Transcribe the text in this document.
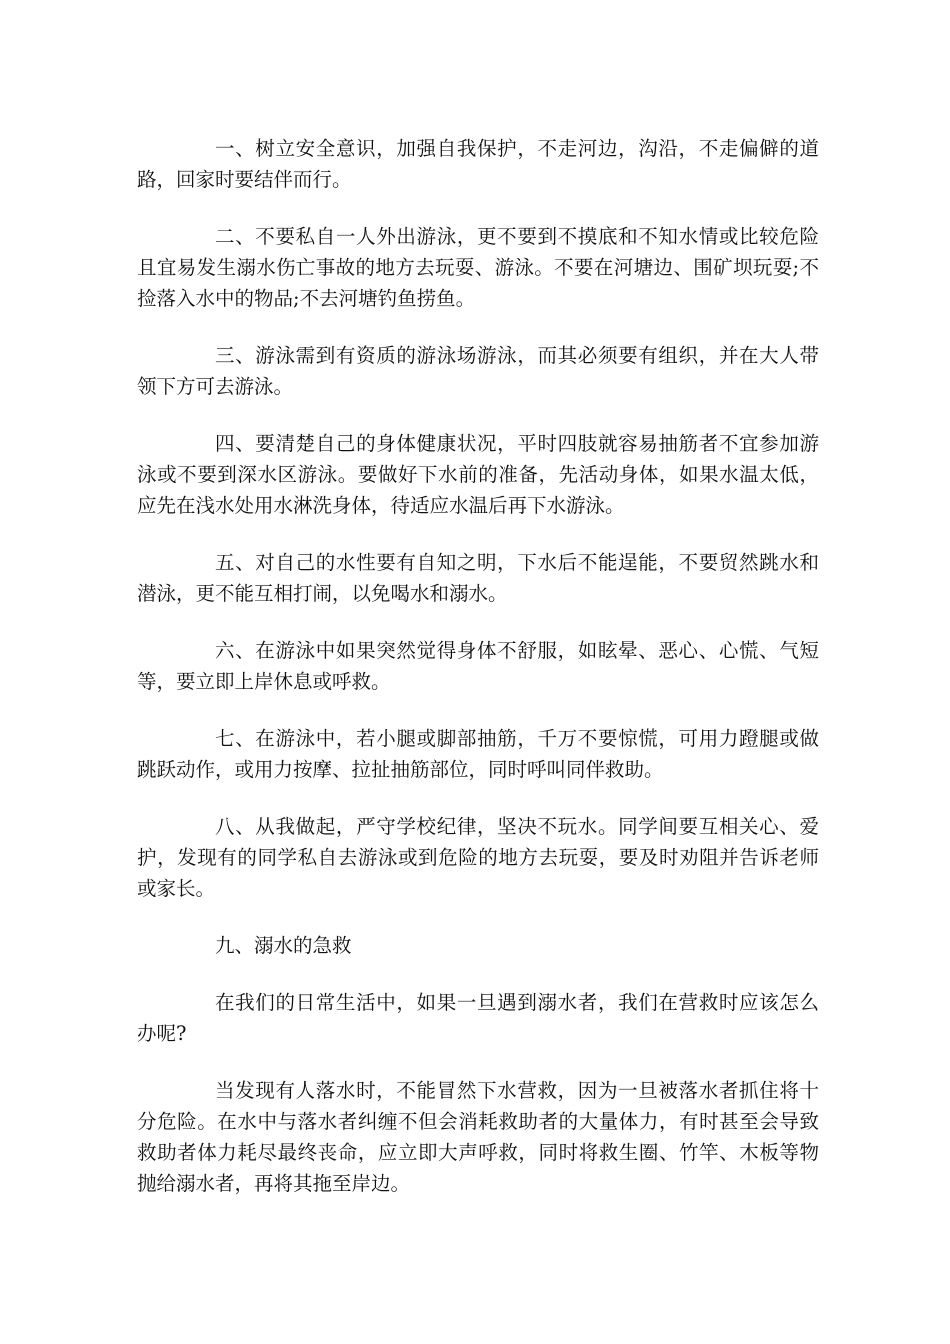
一、树立安全意识，加强自我保护，不走河边，沟沿，不走偏僻的道路，回家时要结伴而行。

二、不要私自一人外出游泳，更不要到不摸底和不知水情或比较危险且宜易发生溺水伤亡事故的地方去玩耍、游泳。不要在河塘边、围矿坝玩耍;不捡落入水中的物品;不去河塘钓鱼捞鱼。

三、游泳需到有资质的游泳场游泳，而其必须要有组织，并在大人带领下方可去游泳。

四、要清楚自己的身体健康状况，平时四肢就容易抽筋者不宜参加游泳或不要到深水区游泳。要做好下水前的准备，先活动身体，如果水温太低，应先在浅水处用水淋洗身体，待适应水温后再下水游泳。

五、对自己的水性要有自知之明，下水后不能逞能，不要贸然跳水和潜泳，更不能互相打闹，以免喝水和溺水。

六、在游泳中如果突然觉得身体不舒服，如眩晕、恶心、心慌、气短等，要立即上岸休息或呼救。

七、在游泳中，若小腿或脚部抽筋，千万不要惊慌，可用力蹬腿或做跳跃动作，或用力按摩、拉扯抽筋部位，同时呼叫同伴救助。

八、从我做起，严守学校纪律，坚决不玩水。同学间要互相关心、爱护，发现有的同学私自去游泳或到危险的地方去玩耍，要及时劝阻并告诉老师或家长。

九、溺水的急救

在我们的日常生活中，如果一旦遇到溺水者，我们在营救时应该怎么办呢?

当发现有人落水时，不能冒然下水营救，因为一旦被落水者抓住将十分危险。在水中与落水者纠缠不但会消耗救助者的大量体力，有时甚至会导致救助者体力耗尽最终丧命，应立即大声呼救，同时将救生圈、竹竿、木板等物抛给溺水者，再将其拖至岸边。
